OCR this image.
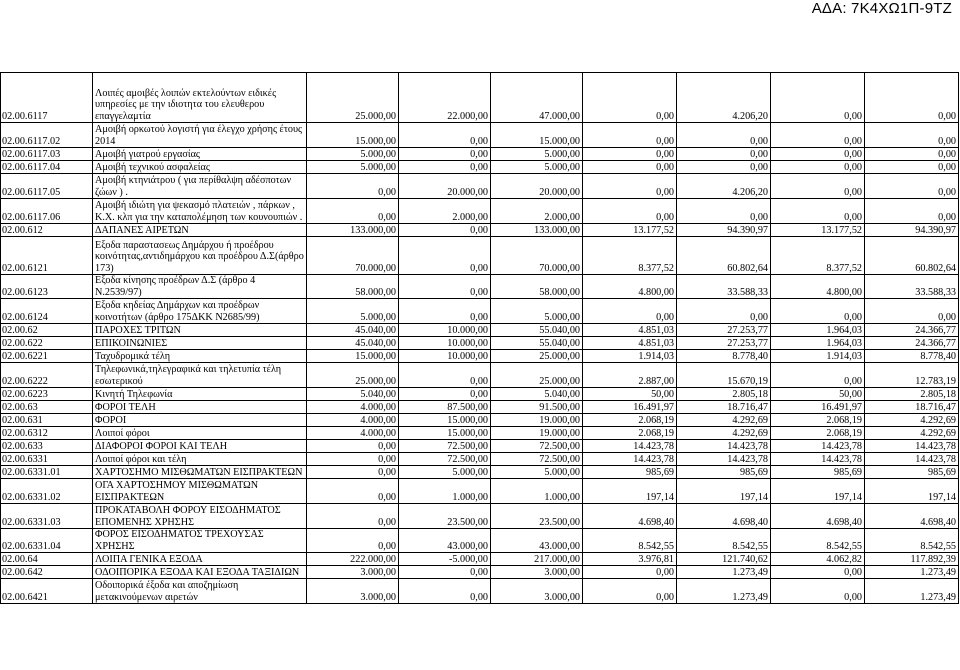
ΑΔΑ: 7Κ4ΧΩ1Π-9ΤΖ
02.00.6117	Λοιπές αμοιβές λοιπών εκτελούντων ειδικές υπηρεσίες με την ιδιοτητα του ελευθερου επαγγελαμτία	25.000,00	22.000,00	47.000,00	0,00	4.206,20	0,00	0,00
02.00.6117.02	Αμοιβή ορκωτού λογιστή για έλεγχο χρήσης έτους 2014	15.000,00	0,00	15.000,00	0,00	0,00	0,00	0,00
02.00.6117.03	Αμοιβή γιατρού εργασίας	5.000,00	0,00	5.000,00	0,00	0,00	0,00	0,00
02.00.6117.04	Αμοιβή τεχνικού ασφαλείας	5.000,00	0,00	5.000,00	0,00	0,00	0,00	0,00
02.00.6117.05	Αμοιβή κτηνιάτρου ( για περίθαλψη αδέσποτων ζώων ) .	0,00	20.000,00	20.000,00	0,00	4.206,20	0,00	0,00
02.00.6117.06	Αμοιβή ιδιώτη για ψεκασμό πλατειών , πάρκων , Κ.Χ. κλπ για την καταπολέμηση των κουνουπιών .	0,00	2.000,00	2.000,00	0,00	0,00	0,00	0,00
02.00.612	ΔΑΠΑΝΕΣ ΑΙΡΕΤΩΝ	133.000,00	0,00	133.000,00	13.177,52	94.390,97	13.177,52	94.390,97
02.00.6121	Εξοδα παραστασεως Δημάρχου ή προέδρου κοινότητας,αντιδημάρχου και προέδρου Δ.Σ(άρθρο 173)	70.000,00	0,00	70.000,00	8.377,52	60.802,64	8.377,52	60.802,64
02.00.6123	Εξοδα κίνησης προέδρων Δ.Σ (άρθρο 4 Ν.2539/97)	58.000,00	0,00	58.000,00	4.800,00	33.588,33	4.800,00	33.588,33
02.00.6124	Εξοδα κηδείας Δημάρχων και προέδρων κοινοτήτων (άρθρο 175ΔΚΚ Ν2685/99)	5.000,00	0,00	5.000,00	0,00	0,00	0,00	0,00
02.00.62	ΠΑΡΟΧΕΣ ΤΡΙΤΩΝ	45.040,00	10.000,00	55.040,00	4.851,03	27.253,77	1.964,03	24.366,77
02.00.622	ΕΠΙΚΟΙΝΩΝΙΕΣ	45.040,00	10.000,00	55.040,00	4.851,03	27.253,77	1.964,03	24.366,77
02.00.6221	Ταχυδρομικά τέλη	15.000,00	10.000,00	25.000,00	1.914,03	8.778,40	1.914,03	8.778,40
02.00.6222	Τηλεφωνικά,τηλεγραφικά και τηλετυπία τέλη εσωτερικού	25.000,00	0,00	25.000,00	2.887,00	15.670,19	0,00	12.783,19
02.00.6223	Κινητή Τηλεφωνία	5.040,00	0,00	5.040,00	50,00	2.805,18	50,00	2.805,18
02.00.63	ΦΟΡΟΙ ΤΕΛΗ	4.000,00	87.500,00	91.500,00	16.491,97	18.716,47	16.491,97	18.716,47
02.00.631	ΦΟΡΟΙ	4.000,00	15.000,00	19.000,00	2.068,19	4.292,69	2.068,19	4.292,69
02.00.6312	Λοιποί φόροι	4.000,00	15.000,00	19.000,00	2.068,19	4.292,69	2.068,19	4.292,69
02.00.633	ΔΙΑΦΟΡΟΙ ΦΟΡΟΙ ΚΑΙ ΤΕΛΗ	0,00	72.500,00	72.500,00	14.423,78	14.423,78	14.423,78	14.423,78
02.00.6331	Λοιποί φόροι και τέλη	0,00	72.500,00	72.500,00	14.423,78	14.423,78	14.423,78	14.423,78
02.00.6331.01	ΧΑΡΤΟΣΗΜΟ ΜΙΣΘΩΜΑΤΩΝ ΕΙΣΠΡΑΚΤΕΩΝ	0,00	5.000,00	5.000,00	985,69	985,69	985,69	985,69
02.00.6331.02	ΟΓΑ ΧΑΡΤΟΣΗΜΟΥ ΜΙΣΘΩΜΑΤΩΝ ΕΙΣΠΡΑΚΤΕΩΝ	0,00	1.000,00	1.000,00	197,14	197,14	197,14	197,14
02.00.6331.03	ΠΡΟΚΑΤΑΒΟΛΗ ΦΟΡΟΥ ΕΙΣΟΔΗΜΑΤΟΣ ΕΠΟΜΕΝΗΣ ΧΡΗΣΗΣ	0,00	23.500,00	23.500,00	4.698,40	4.698,40	4.698,40	4.698,40
02.00.6331.04	ΦΟΡΟΣ ΕΙΣΟΔΗΜΑΤΟΣ ΤΡΕΧΟΥΣΑΣ ΧΡΗΣΗΣ	0,00	43.000,00	43.000,00	8.542,55	8.542,55	8.542,55	8.542,55
02.00.64	ΛΟΙΠΑ ΓΕΝΙΚΑ ΕΞΟΔΑ	222.000,00	-5.000,00	217.000,00	3.976,81	121.740,62	4.062,82	117.892,39
02.00.642	ΟΔΟΙΠΟΡΙΚΑ ΕΞΟΔΑ ΚΑΙ ΕΞΟΔΑ ΤΑΞΙΔΙΩΝ	3.000,00	0,00	3.000,00	0,00	1.273,49	0,00	1.273,49
02.00.6421	Οδοιπορικά έξοδα και αποζημίωση μετακινούμενων αιρετών	3.000,00	0,00	3.000,00	0,00	1.273,49	0,00	1.273,49
